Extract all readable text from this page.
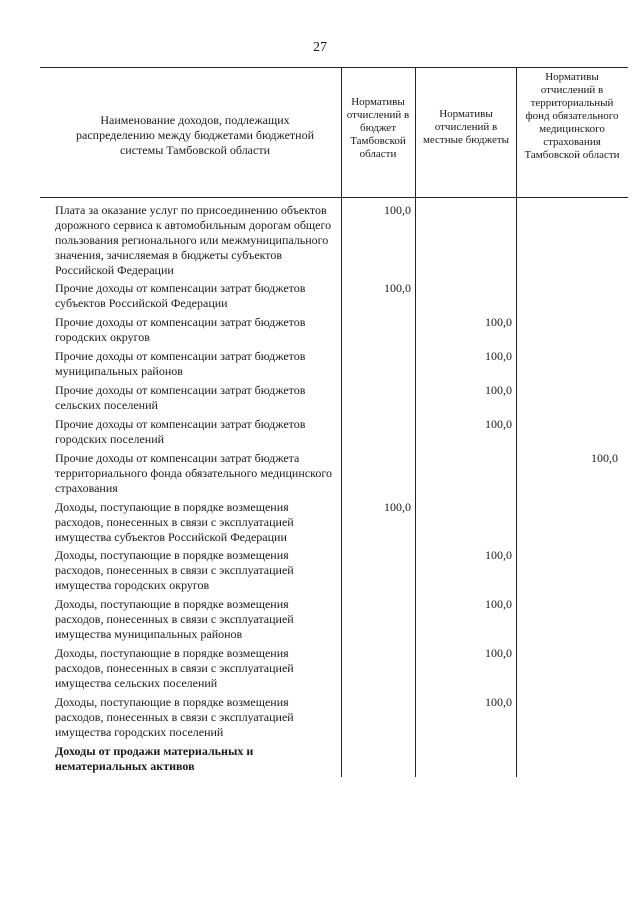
27
Наименование доходов, подлежащих распределению между бюджетами бюджетной системы Тамбовской области
Нормативы отчислений в бюджет Тамбовской области
Нормативы отчислений в местные бюджеты
Нормативы отчислений в территориальный фонд обязательного медицинского страхования Тамбовской области
Плата за оказание услуг по присоединению объектов дорожного сервиса к автомобильным дорогам общего пользования регионального или межмуниципального значения, зачисляемая в бюджеты субъектов Российской Федерации
100,0
Прочие доходы от компенсации затрат бюджетов субъектов Российской Федерации
100,0
Прочие доходы от компенсации затрат бюджетов городских округов
100,0
Прочие доходы от компенсации затрат бюджетов муниципальных районов
100,0
Прочие доходы от компенсации затрат бюджетов сельских поселений
100,0
Прочие доходы от компенсации затрат бюджетов городских поселений
100,0
Прочие доходы от компенсации затрат бюджета территориального фонда обязательного медицинского страхования
100,0
Доходы, поступающие в порядке возмещения расходов, понесенных в связи с эксплуатацией имущества субъектов Российской Федерации
100,0
Доходы, поступающие в порядке возмещения расходов, понесенных в связи с эксплуатацией имущества городских округов
100,0
Доходы, поступающие в порядке возмещения расходов, понесенных в связи с эксплуатацией имущества муниципальных районов
100,0
Доходы, поступающие в порядке возмещения расходов, понесенных в связи с эксплуатацией имущества сельских поселений
100,0
Доходы, поступающие в порядке возмещения расходов, понесенных в связи с эксплуатацией имущества городских поселений
100,0
Доходы от продажи материальных и нематериальных активов
